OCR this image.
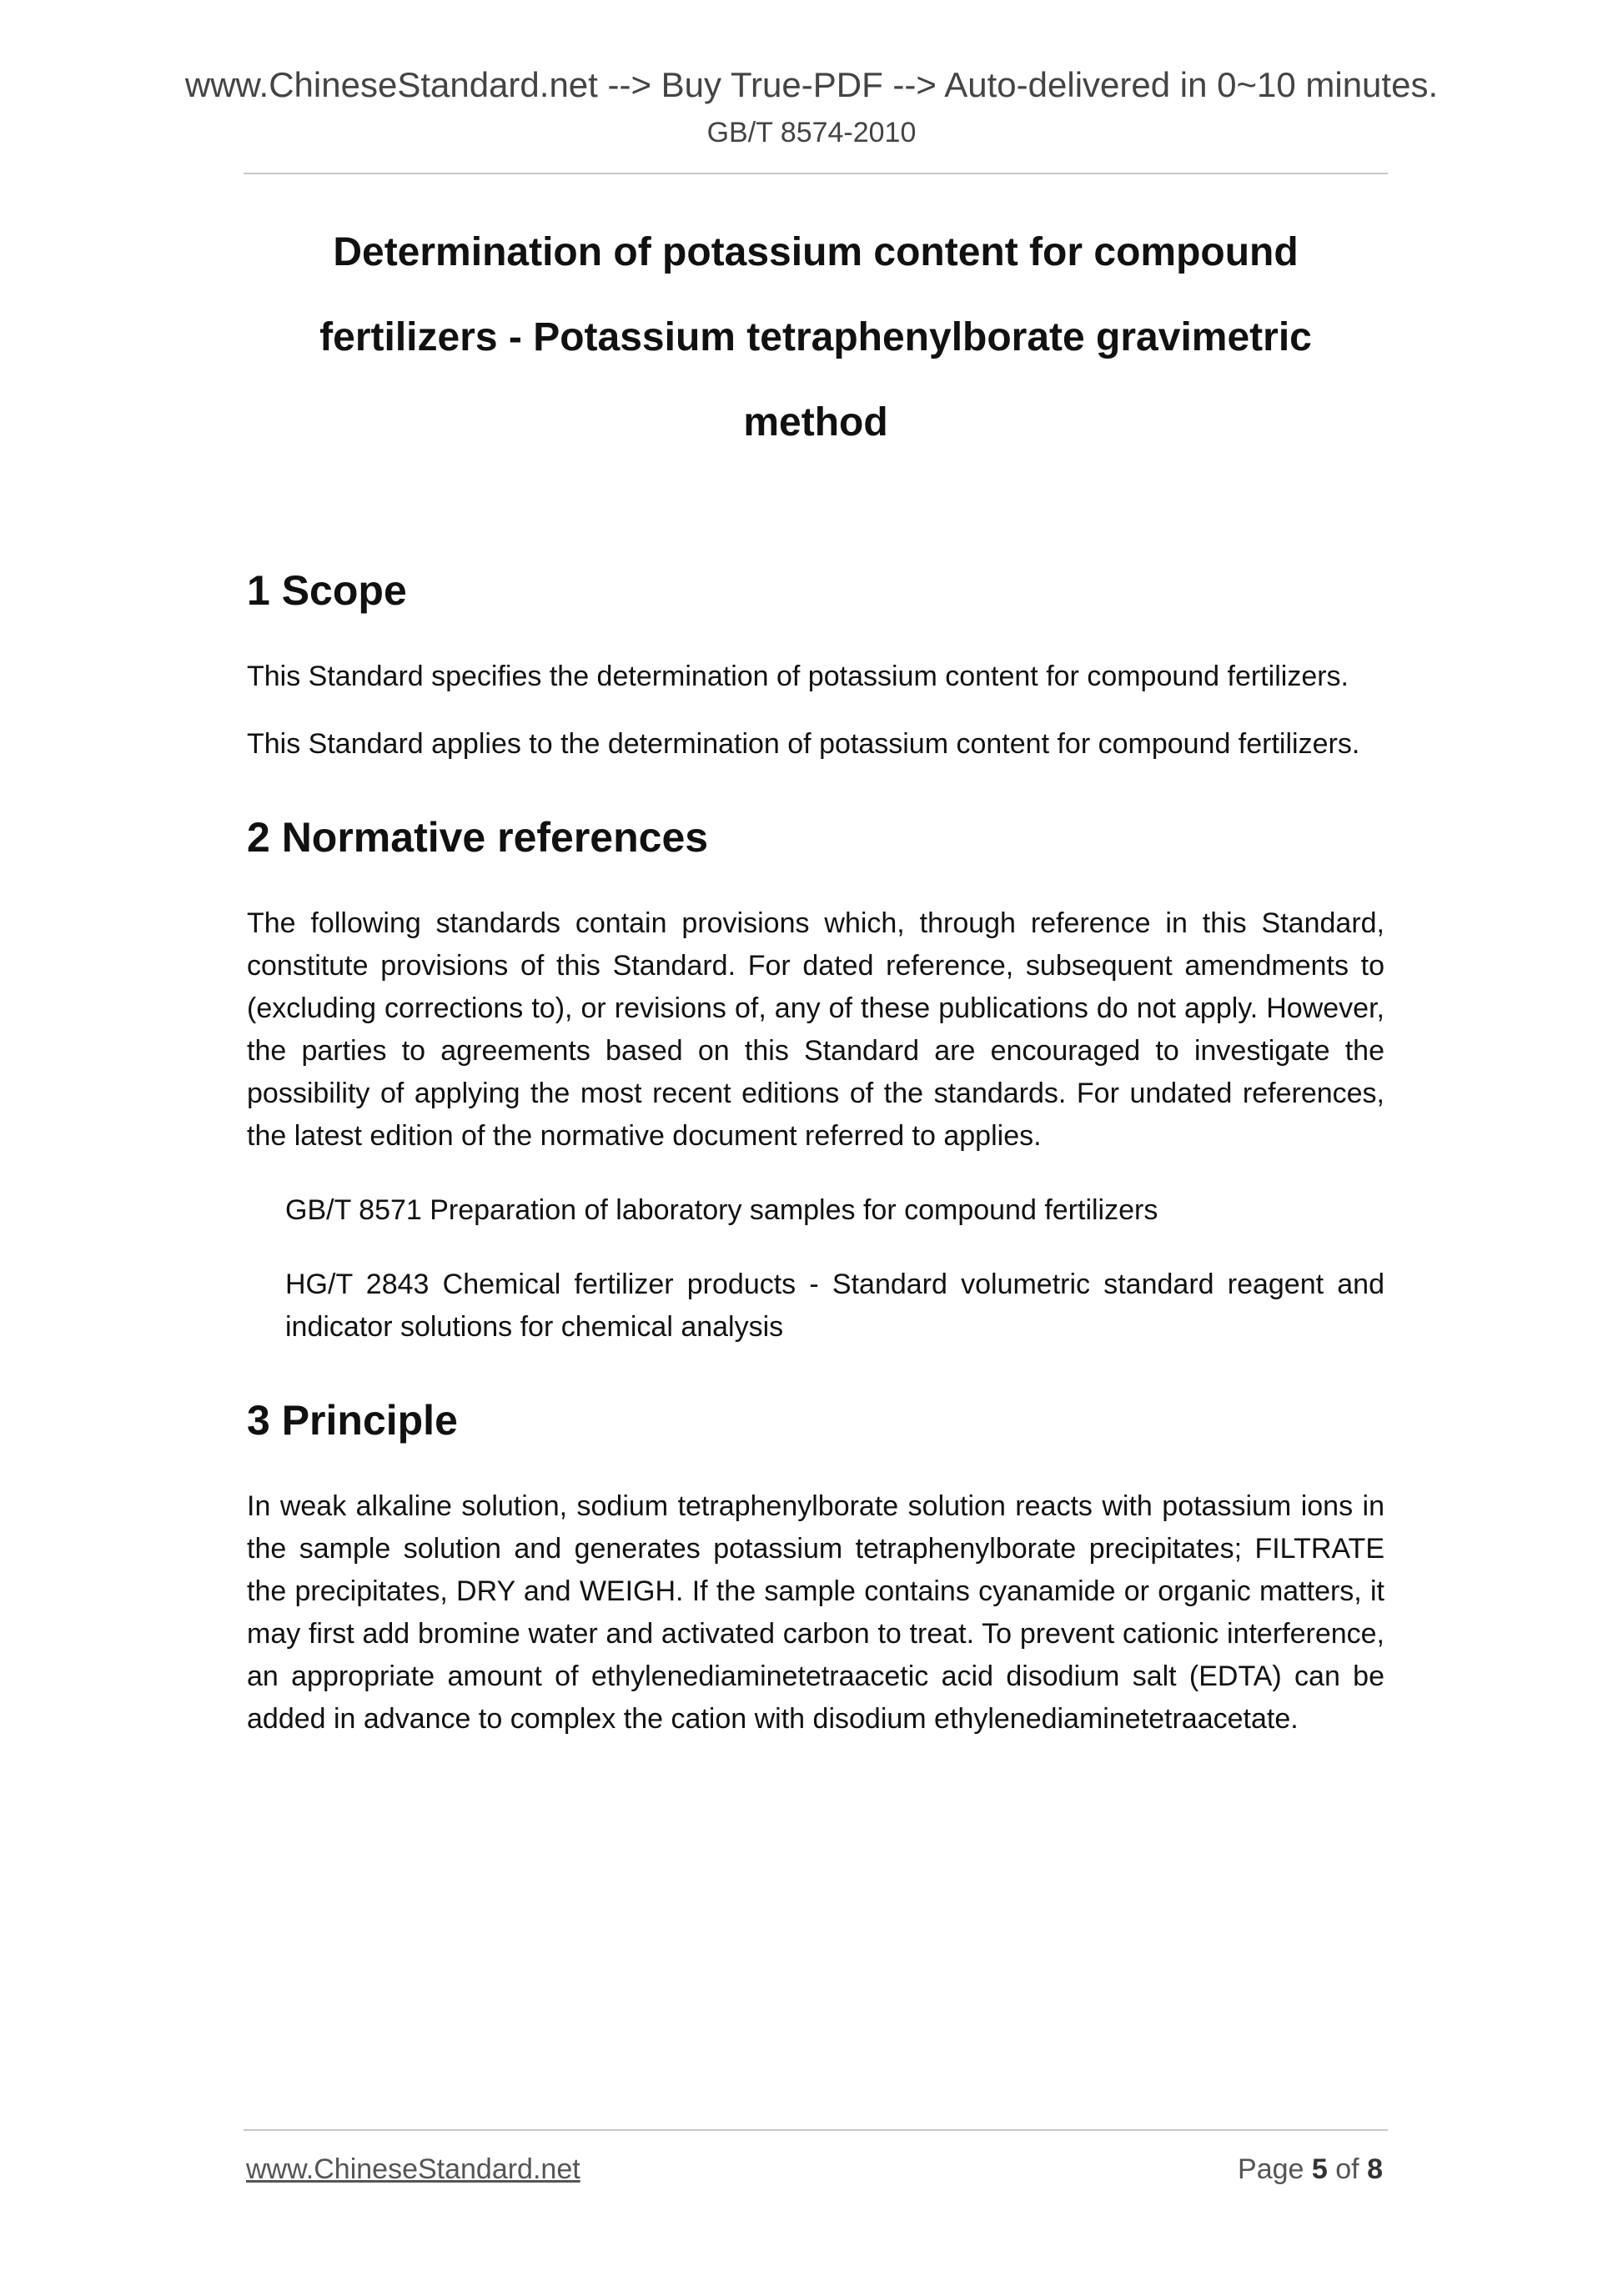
www.ChineseStandard.net --> Buy True-PDF --> Auto-delivered in 0~10 minutes.
GB/T 8574-2010
Determination of potassium content for compound
fertilizers - Potassium tetraphenylborate gravimetric
method
1 Scope

This Standard specifies the determination of potassium content for compound fertilizers.

This Standard applies to the determination of potassium content for compound fertilizers.

2 Normative references

The following standards contain provisions which, through reference in this Standard, constitute provisions of this Standard. For dated reference, subsequent amendments to (excluding corrections to), or revisions of, any of these publications do not apply. However, the parties to agreements based on this Standard are encouraged to investigate the possibility of applying the most recent editions of the standards. For undated references, the latest edition of the normative document referred to applies.

GB/T 8571 Preparation of laboratory samples for compound fertilizers

HG/T 2843 Chemical fertilizer products - Standard volumetric standard reagent and indicator solutions for chemical analysis

3 Principle

In weak alkaline solution, sodium tetraphenylborate solution reacts with potassium ions in the sample solution and generates potassium tetraphenylborate precipitates; FILTRATE the precipitates, DRY and WEIGH. If the sample contains cyanamide or organic matters, it may first add bromine water and activated carbon to treat. To prevent cationic interference, an appropriate amount of ethylenediaminetetraacetic acid disodium salt (EDTA) can be added in advance to complex the cation with disodium ethylenediaminetetraacetate.

www.ChineseStandard.net	Page 5 of 8
